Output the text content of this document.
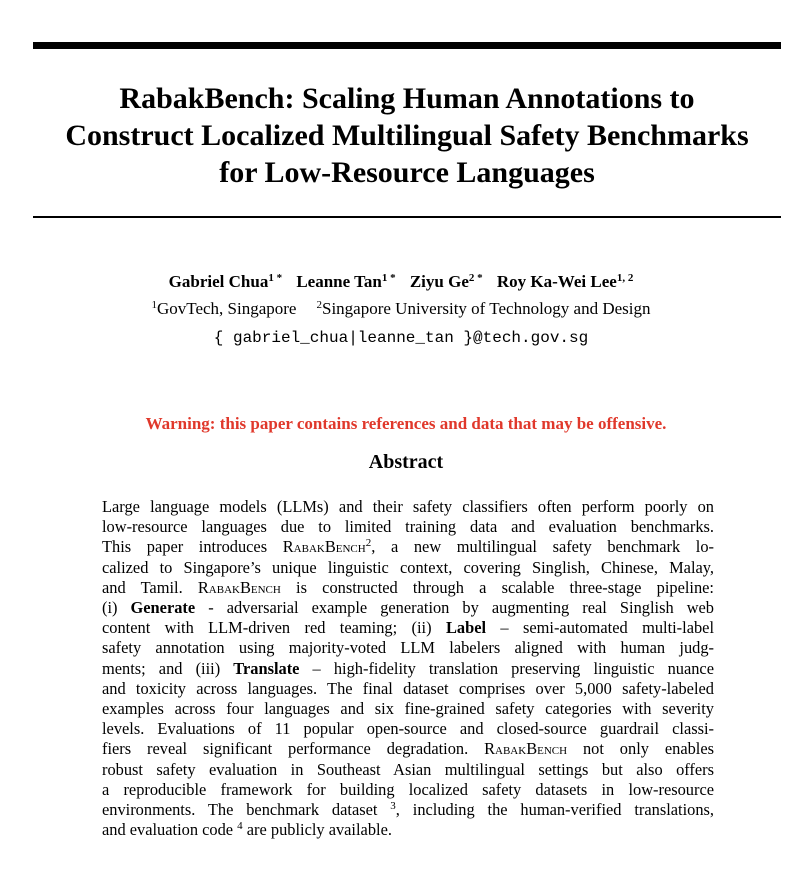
RabakBench: Scaling Human Annotations to
Construct Localized Multilingual Safety Benchmarks
for Low-Resource Languages
Gabriel Chua$^{1 *}$ Leanne Tan$^{1 *}$ Ziyu $Ge^{2 *}$ Roy Ka-Wei Lee$^{1, 2}$
$^1$GovTech, Singapore $^2$Singapore University of Technology and Design
{ gabriel_chua|leanne_tan }@tech.gov.sg
Warning: this paper contains references and data that may be offensive.
Abstract
Large language models (LLMs) and their safety classifiers often perform poorly on
low-resource languages due to limited training data and evaluation benchmarks.
This paper introduces RabakBench$^2$, a new multilingual safety benchmark lo-
calized to Singapore’s unique linguistic context, covering Singlish, Chinese, Malay,
and Tamil. RabakBench is constructed through a scalable three-stage pipeline:
(i) Generate - adversarial example generation by augmenting real Singlish web
content with LLM-driven red teaming; (ii) Label – semi-automated multi-label
safety annotation using majority-voted LLM labelers aligned with human judg-
ments; and (iii) Translate – high-fidelity translation preserving linguistic nuance
and toxicity across languages. The final dataset comprises over 5,000 safety-labeled
examples across four languages and six fine-grained safety categories with severity
levels. Evaluations of 11 popular open-source and closed-source guardrail classi-
fiers reveal significant performance degradation. RabakBench not only enables
robust safety evaluation in Southeast Asian multilingual settings but also offers
a reproducible framework for building localized safety datasets in low-resource
environments. The benchmark dataset $^3$, including the human-verified translations,
and evaluation code $^4$ are publicly available.
